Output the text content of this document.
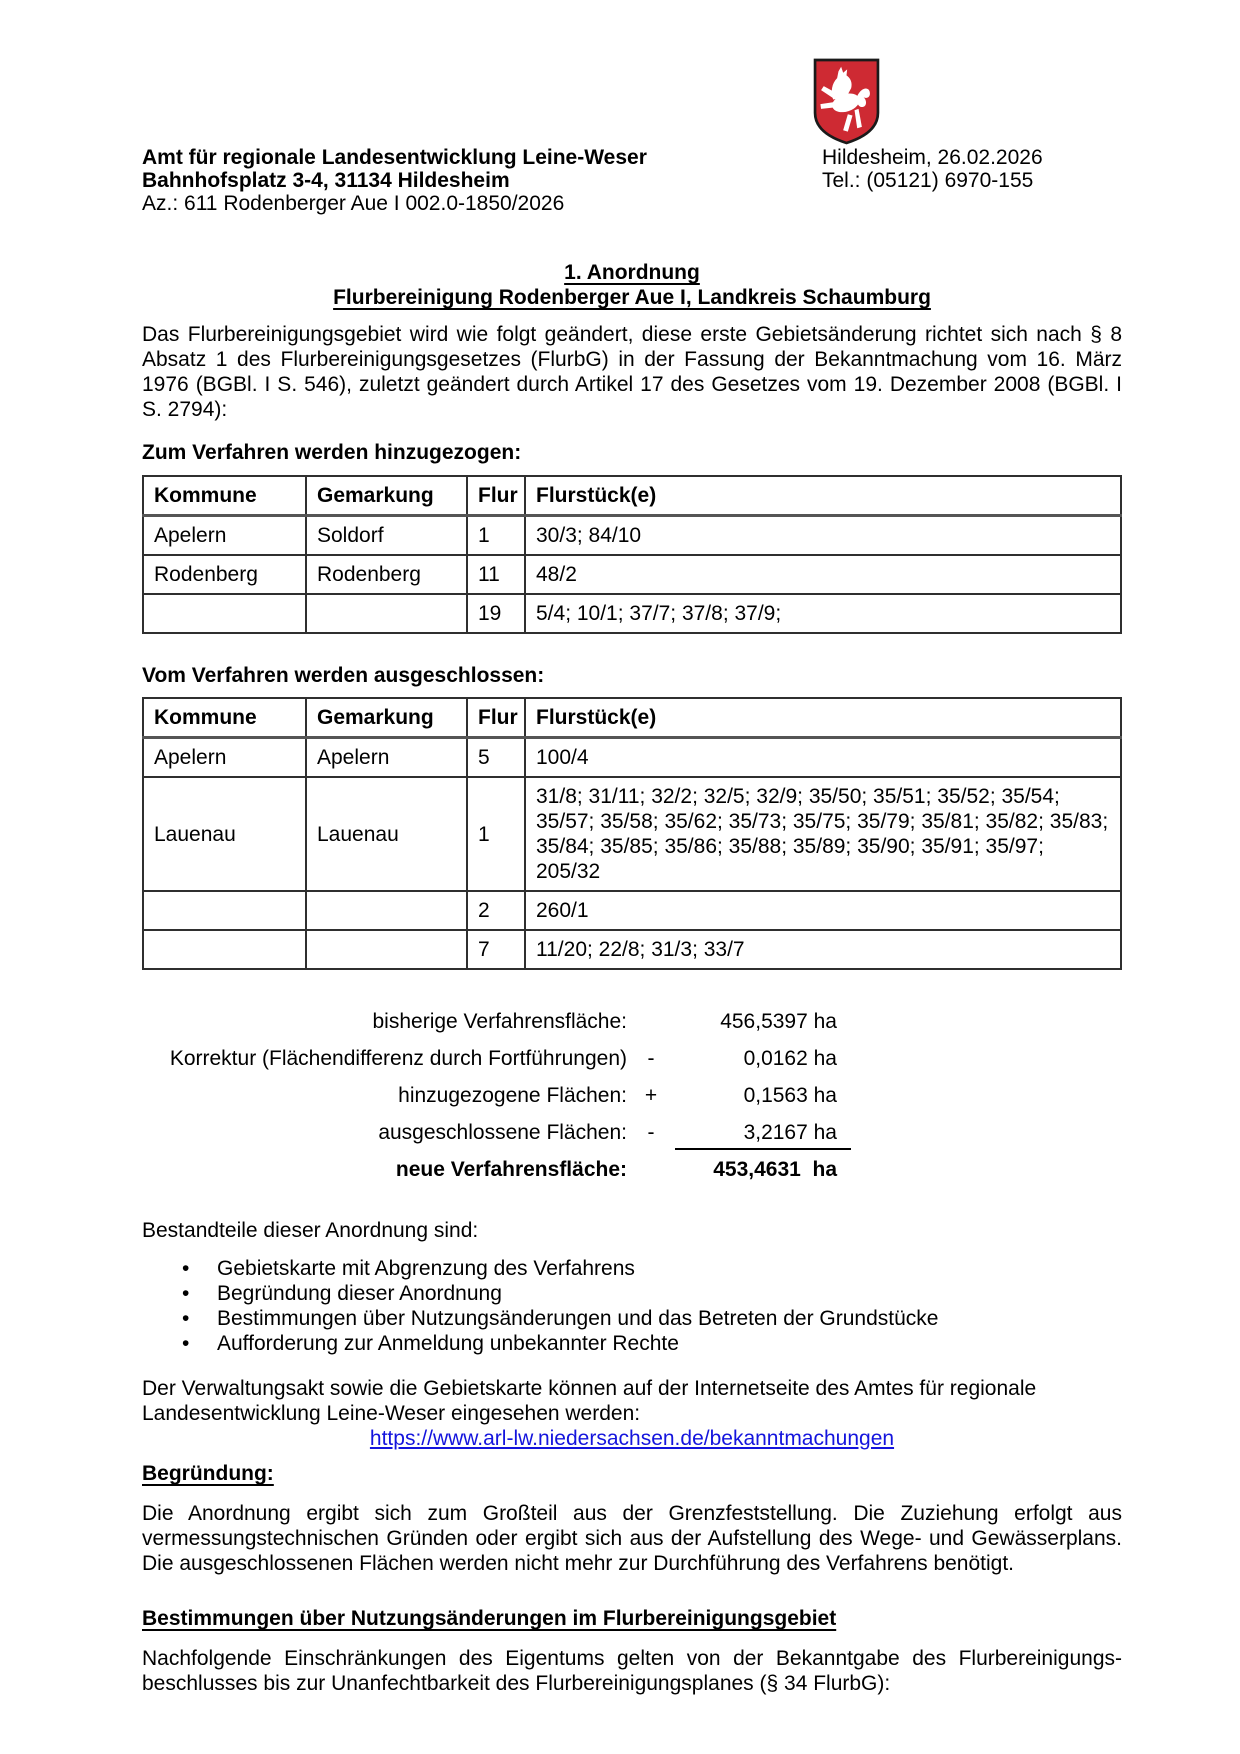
Amt für regionale Landesentwicklung Leine-Weser
Bahnhofsplatz 3-4, 31134 Hildesheim
Az.: 611 Rodenberger Aue I 002.0-1850/2026
Hildesheim, 26.02.2026
Tel.: (05121) 6970-155
1. Anordnung
Flurbereinigung Rodenberger Aue I, Landkreis Schaumburg
Das Flurbereinigungsgebiet wird wie folgt geändert, diese erste Gebietsänderung richtet sich nach § 8 Absatz 1 des Flurbereinigungsgesetzes (FlurbG) in der Fassung der Bekanntmachung vom 16. März 1976 (BGBl. I S. 546), zuletzt geändert durch Artikel 17 des Gesetzes vom 19. Dezember 2008 (BGBl. I S. 2794):
Zum Verfahren werden hinzugezogen:
Kommune	Gemarkung	Flur	Flurstück(e)
Apelern	Soldorf	1	30/3; 84/10
Rodenberg	Rodenberg	11	48/2
		19	5/4; 10/1; 37/7; 37/8; 37/9;
Vom Verfahren werden ausgeschlossen:
Kommune	Gemarkung	Flur	Flurstück(e)
Apelern	Apelern	5	100/4
Lauenau	Lauenau	1	31/8; 31/11; 32/2; 32/5; 32/9; 35/50; 35/51; 35/52; 35/54; 35/57; 35/58; 35/62; 35/73; 35/75; 35/79; 35/81; 35/82; 35/83; 35/84; 35/85; 35/86; 35/88; 35/89; 35/90; 35/91; 35/97; 205/32
		2	260/1
		7	11/20; 22/8; 31/3; 33/7
bisherige Verfahrensfläche:	456,5397 ha
Korrektur (Flächendifferenz durch Fortführungen) -	0,0162 ha
hinzugezogene Flächen: +	0,1563 ha
ausgeschlossene Flächen: -	3,2167 ha
neue Verfahrensfläche:	453,4631  ha
Bestandteile dieser Anordnung sind:
• Gebietskarte mit Abgrenzung des Verfahrens
• Begründung dieser Anordnung
• Bestimmungen über Nutzungsänderungen und das Betreten der Grundstücke
• Aufforderung zur Anmeldung unbekannter Rechte
Der Verwaltungsakt sowie die Gebietskarte können auf der Internetseite des Amtes für regionale Landesentwicklung Leine-Weser eingesehen werden:
https://www.arl-lw.niedersachsen.de/bekanntmachungen
Begründung:
Die Anordnung ergibt sich zum Großteil aus der Grenzfeststellung. Die Zuziehung erfolgt aus vermessungstechnischen Gründen oder ergibt sich aus der Aufstellung des Wege- und Gewässerplans. Die ausgeschlossenen Flächen werden nicht mehr zur Durchführung des Verfahrens benötigt.
Bestimmungen über Nutzungsänderungen im Flurbereinigungsgebiet
Nachfolgende Einschränkungen des Eigentums gelten von der Bekanntgabe des Flurbereinigungsbeschlusses bis zur Unanfechtbarkeit des Flurbereinigungsplanes (§ 34 FlurbG):
